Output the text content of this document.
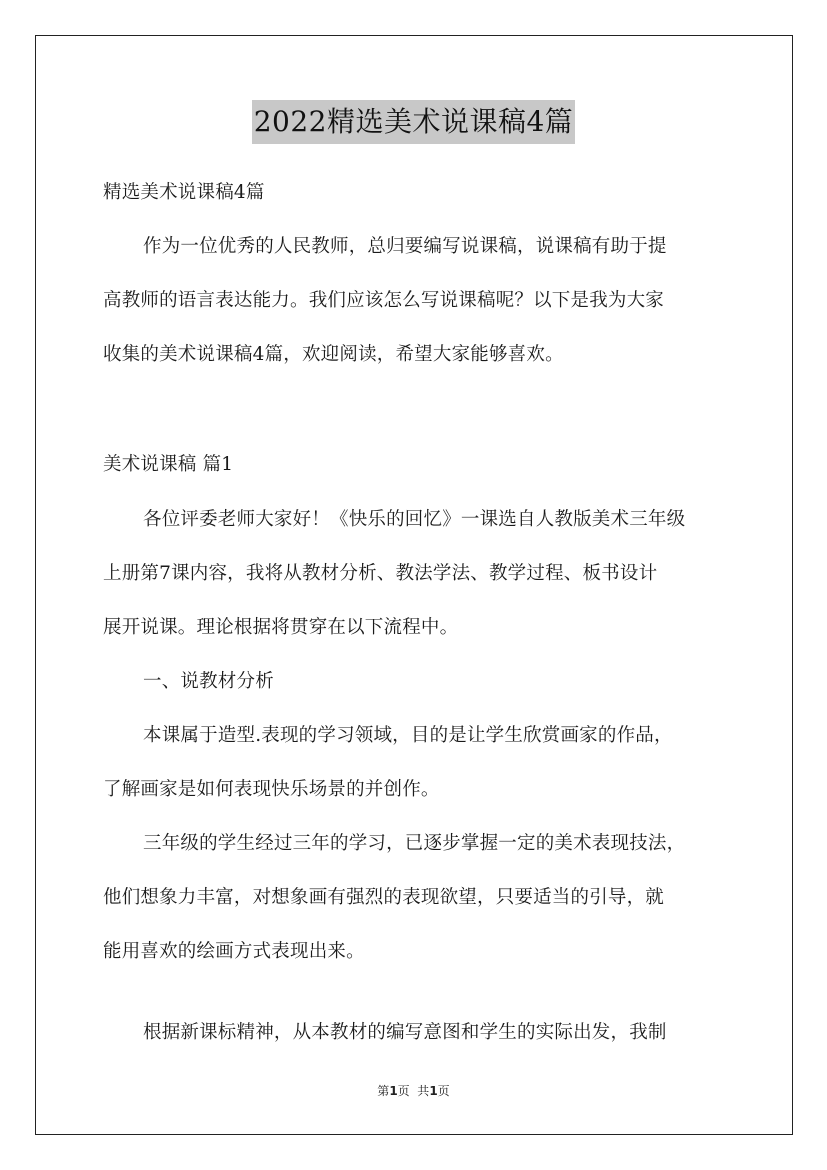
2022精选美术说课稿4篇
精选美术说课稿4篇
作为一位优秀的人民教师，总归要编写说课稿，说课稿有助于提
高教师的语言表达能力。我们应该怎么写说课稿呢？以下是我为大家
收集的美术说课稿4篇，欢迎阅读，希望大家能够喜欢。
美术说课稿 篇1
各位评委老师大家好！《快乐的回忆》一课选自人教版美术三年级
上册第7课内容，我将从教材分析、教法学法、教学过程、板书设计
展开说课。理论根据将贯穿在以下流程中。
一、说教材分析
本课属于造型.表现的学习领域，目的是让学生欣赏画家的作品，
了解画家是如何表现快乐场景的并创作。
三年级的学生经过三年的学习，已逐步掌握一定的美术表现技法，
他们想象力丰富，对想象画有强烈的表现欲望，只要适当的引导，就
能用喜欢的绘画方式表现出来。
根据新课标精神，从本教材的编写意图和学生的实际出发，我制
第1页  共1页
